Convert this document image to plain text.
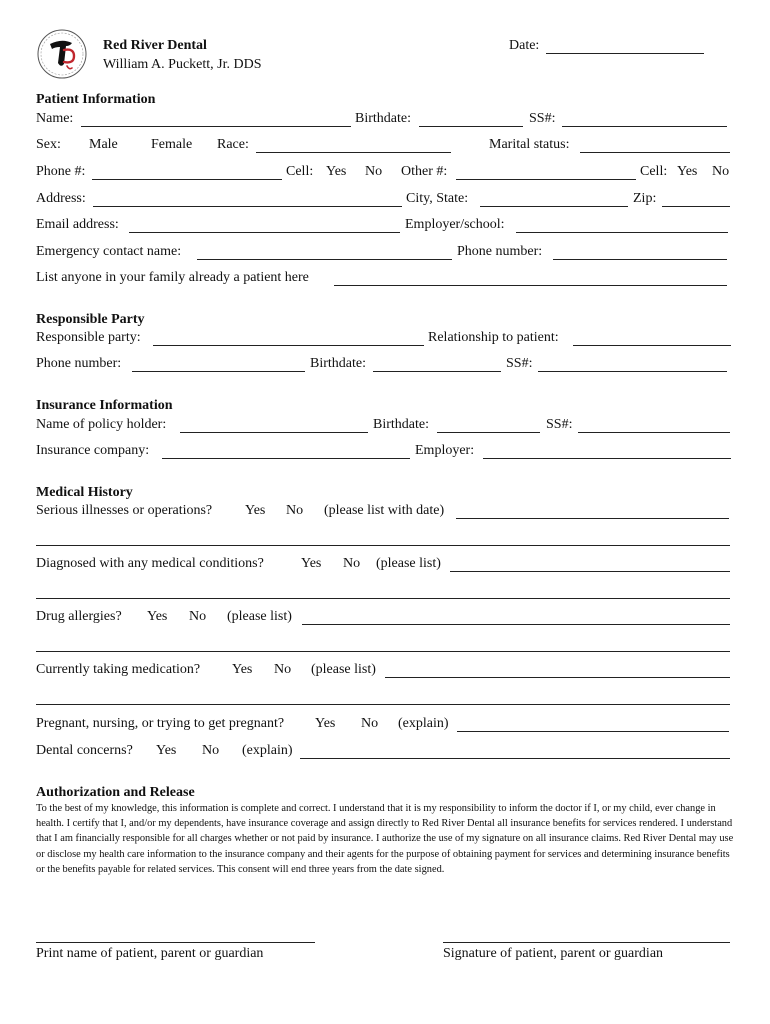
Red River Dental
William A. Puckett, Jr. DDS
Date:
Patient Information
Name:	Birthdate:	SS#:
Sex: Male Female Race:	Marital status:
Phone #:	Cell: Yes No Other #:	Cell: Yes No
Address:	City, State:	Zip:
Email address:	Employer/school:
Emergency contact name:	Phone number:
List anyone in your family already a patient here
Responsible Party
Responsible party:	Relationship to patient:
Phone number:	Birthdate:	SS#:
Insurance Information
Name of policy holder:	Birthdate:	SS#:
Insurance company:	Employer:
Medical History
Serious illnesses or operations? Yes No (please list with date)
Diagnosed with any medical conditions?	Yes No (please list)
Drug allergies? Yes No (please list)
Currently taking medication? Yes No (please list)
Pregnant, nursing, or trying to get pregnant? Yes No (explain)
Dental concerns? Yes No (explain)
Authorization and Release
To the best of my knowledge, this information is complete and correct. I understand that it is my responsibility to inform the doctor if I, or my child, ever change in health. I certify that I, and/or my dependents, have insurance coverage and assign directly to Red River Dental all insurance benefits for services rendered. I understand that I am financially responsible for all charges whether or not paid by insurance. I authorize the use of my signature on all insurance claims. Red River Dental may use or disclose my health care information to the insurance company and their agents for the purpose of obtaining payment for services and determining insurance benefits or the benefits payable for related services. This consent will end three years from the date signed.
Print name of patient, parent or guardian	Signature of patient, parent or guardian
